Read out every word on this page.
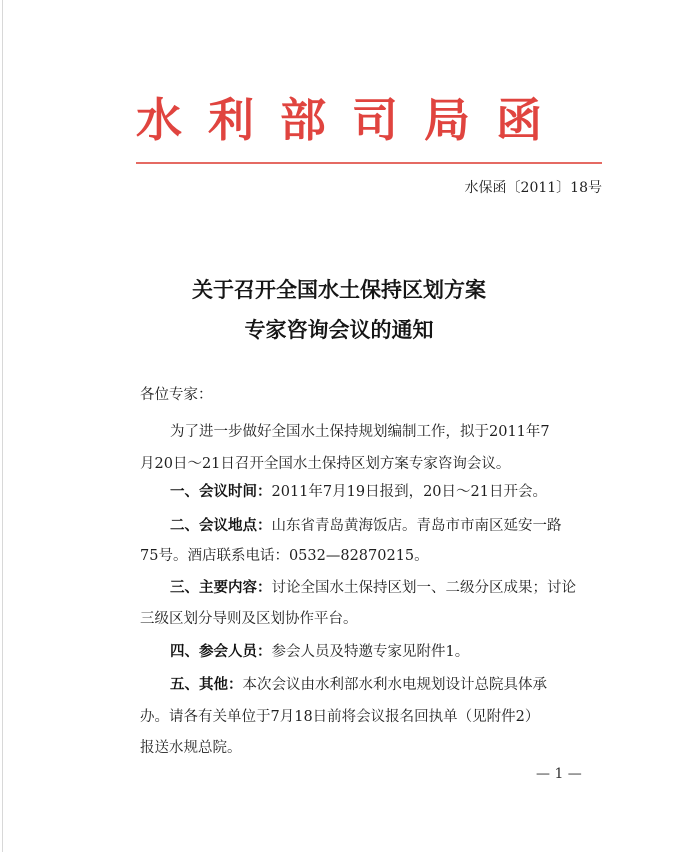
水利部司局函
水保函〔2011〕18号
关于召开全国水土保持区划方案
专家咨询会议的通知
各位专家：
为了进一步做好全国水土保持规划编制工作，拟于2011年7
月20日～21日召开全国水土保持区划方案专家咨询会议。
一、会议时间：2011年7月19日报到，20日～21日开会。
二、会议地点：山东省青岛黄海饭店。青岛市市南区延安一路
75号。酒店联系电话：0532—82870215。
三、主要内容：讨论全国水土保持区划一、二级分区成果；讨论
三级区划分导则及区划协作平台。
四、参会人员：参会人员及特邀专家见附件1。
五、其他：本次会议由水利部水利水电规划设计总院具体承
办。请各有关单位于7月18日前将会议报名回执单（见附件2）
报送水规总院。
— 1 —
